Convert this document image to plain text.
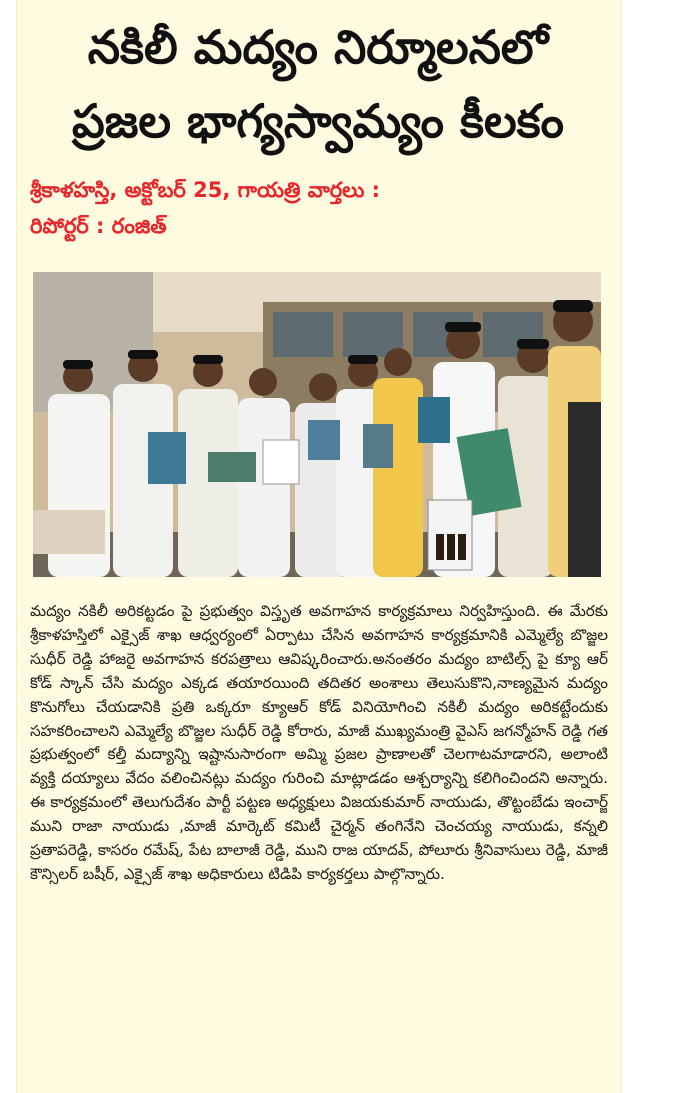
నకిలీ మద్యం నిర్మూలనలో
ప్రజల భాగ్యస్వామ్యం కీలకం
శ్రీకాళహస్తి, అక్టోబర్ 25, గాయత్రి వార్తలు :
రిపోర్టర్ : రంజిత్

మద్యం నకిలీ అరికట్టడం పై ప్రభుత్వం విస్తృత అవగాహన కార్యక్రమాలు నిర్వహిస్తుంది. ఈ మేరకు శ్రీకాళహస్తిలో ఎక్సైజ్ శాఖ ఆధ్వర్యంలో ఏర్పాటు చేసిన అవగాహన కార్యక్రమానికి ఎమ్మెల్యే బొజ్జల సుధీర్ రెడ్డి హాజరై అవగాహన కరపత్రాలు ఆవిష్కరించారు.అనంతరం మద్యం బాటిల్స్ పై క్యూ ఆర్ కోడ్ స్కాన్ చేసి మద్యం ఎక్కడ తయారయింది తదితర అంశాలు తెలుసుకొని,నాణ్యమైన మద్యం కొనుగోలు చేయడానికి ప్రతి ఒక్కరూ క్యూఆర్ కోడ్ వినియోగించి నకిలీ మద్యం అరికట్టేందుకు సహకరించాలని ఎమ్మెల్యే బొజ్జల సుధీర్ రెడ్డి కోరారు, మాజీ ముఖ్యమంత్రి వైఎస్ జగన్మోహన్ రెడ్డి గత ప్రభుత్వంలో కల్తీ మద్యాన్ని ఇష్టానుసారంగా అమ్మి ప్రజల ప్రాణాలతో చెలగాటమాడారని, అలాంటి వ్యక్తి దయ్యాలు వేదం వలించినట్లు మద్యం గురించి మాట్లాడడం ఆశ్చర్యాన్ని కలిగించిందని అన్నారు. ఈ కార్యక్రమంలో తెలుగుదేశం పార్టీ పట్టణ అధ్యక్షులు విజయకుమార్ నాయుడు, తొట్టంబేడు ఇంచార్జ్ ముని రాజా నాయుడు ,మాజీ మార్కెట్ కమిటీ చైర్మన్ తంగినేని చెంచయ్య నాయుడు, కన్నలి ప్రతాపరెడ్డి, కాసరం రమేష్, పేట బాలాజీ రెడ్డి, ముని రాజ యాదవ్, పోలూరు శ్రీనివాసులు రెడ్డి, మాజీ కౌన్సిలర్ బషీర్, ఎక్సైజ్ శాఖ అధికారులు టిడిపి కార్యకర్తలు పాల్గొన్నారు.
